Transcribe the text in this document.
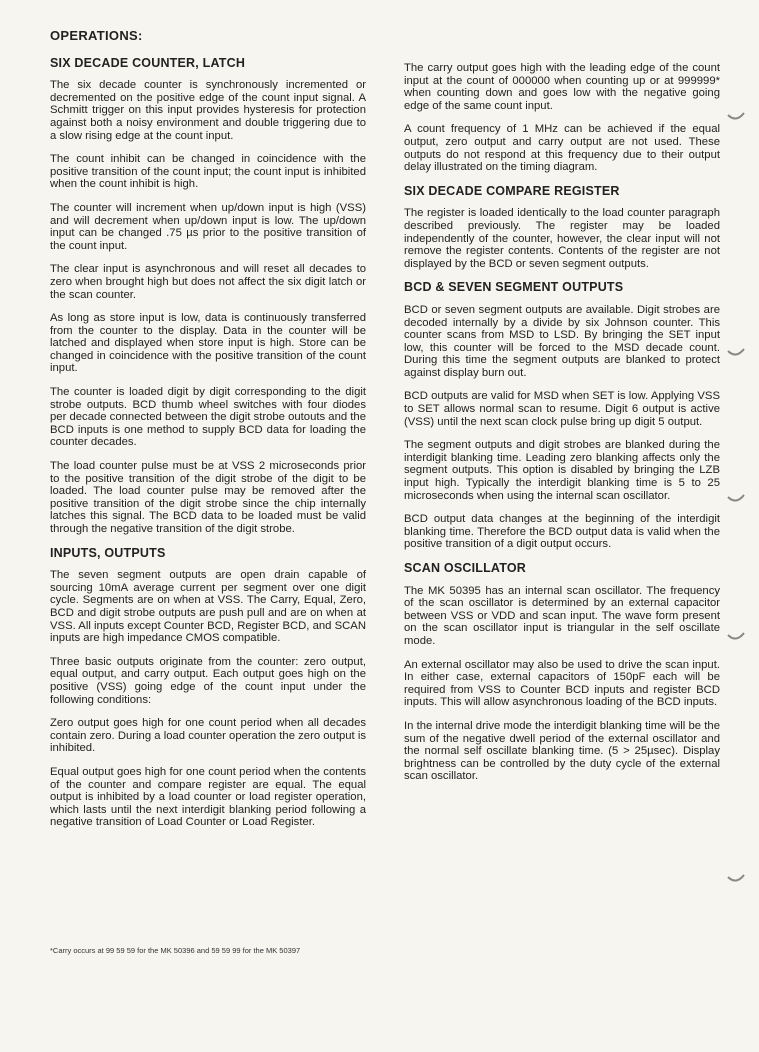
OPERATIONS:
SIX DECADE COUNTER, LATCH

The six decade counter is synchronously incremented or decremented on the positive edge of the count input signal. A Schmitt trigger on this input provides hysteresis for protection against both a noisy environment and double triggering due to a slow rising edge at the count input.

The count inhibit can be changed in coincidence with the positive transition of the count input; the count input is inhibited when the count inhibit is high.

The counter will increment when up/down input is high (VSS) and will decrement when up/down input is low. The up/down input can be changed .75 µs prior to the positive transition of the count input.

The clear input is asynchronous and will reset all decades to zero when brought high but does not affect the six digit latch or the scan counter.

As long as store input is low, data is continuously transferred from the counter to the display. Data in the counter will be latched and displayed when store input is high. Store can be changed in coincidence with the positive transition of the count input.

The counter is loaded digit by digit corresponding to the digit strobe outputs. BCD thumb wheel switches with four diodes per decade connected between the digit strobe outouts and the BCD inputs is one method to supply BCD data for loading the counter decades.

The load counter pulse must be at VSS 2 microseconds prior to the positive transition of the digit strobe of the digit to be loaded. The load counter pulse may be removed after the positive transition of the digit strobe since the chip internally latches this signal. The BCD data to be loaded must be valid through the negative transition of the digit strobe.

INPUTS, OUTPUTS

The seven segment outputs are open drain capable of sourcing 10mA average current per segment over one digit cycle. Segments are on when at VSS. The Carry, Equal, Zero, BCD and digit strobe outputs are push pull and are on when at VSS. All inputs except Counter BCD, Register BCD, and SCAN inputs are high impedance CMOS compatible.

Three basic outputs originate from the counter: zero output, equal output, and carry output. Each output goes high on the positive (VSS) going edge of the count input under the following conditions:

Zero output goes high for one count period when all decades contain zero. During a load counter operation the zero output is inhibited.

Equal output goes high for one count period when the contents of the counter and compare register are equal. The equal output is inhibited by a load counter or load register operation, which lasts until the next interdigit blanking period following a negative transition of Load Counter or Load Register.

*Carry occurs at 99 59 59 for the MK 50396 and 59 59 99 for the MK 50397

The carry output goes high with the leading edge of the count input at the count of 000000 when counting up or at 999999* when counting down and goes low with the negative going edge of the same count input.

A count frequency of 1 MHz can be achieved if the equal output, zero output and carry output are not used. These outputs do not respond at this frequency due to their output delay illustrated on the timing diagram.

SIX DECADE COMPARE REGISTER

The register is loaded identically to the load counter paragraph described previously. The register may be loaded independently of the counter, however, the clear input will not remove the register contents. Contents of the register are not displayed by the BCD or seven segment outputs.

BCD & SEVEN SEGMENT OUTPUTS

BCD or seven segment outputs are available. Digit strobes are decoded internally by a divide by six Johnson counter. This counter scans from MSD to LSD. By bringing the SET input low, this counter will be forced to the MSD decade count. During this time the segment outputs are blanked to protect against display burn out.

BCD outputs are valid for MSD when SET is low. Applying VSS to SET allows normal scan to resume. Digit 6 output is active (VSS) until the next scan clock pulse bring up digit 5 output.

The segment outputs and digit strobes are blanked during the interdigit blanking time. Leading zero blanking affects only the segment outputs. This option is disabled by bringing the LZB input high. Typically the interdigit blanking time is 5 to 25 microseconds when using the internal scan oscillator.

BCD output data changes at the beginning of the interdigit blanking time. Therefore the BCD output data is valid when the positive transition of a digit output occurs.

SCAN OSCILLATOR

The MK 50395 has an internal scan oscillator. The frequency of the scan oscillator is determined by an external capacitor between VSS or VDD and scan input. The wave form present on the scan oscillator input is triangular in the self oscillate mode.

An external oscillator may also be used to drive the scan input. In either case, external capacitors of 150pF each will be required from VSS to Counter BCD inputs and register BCD inputs. This will allow asynchronous loading of the BCD inputs.

In the internal drive mode the interdigit blanking time will be the sum of the negative dwell period of the external oscillator and the normal self oscillate blanking time. (5 > 25µsec). Display brightness can be controlled by the duty cycle of the external scan oscillator.
